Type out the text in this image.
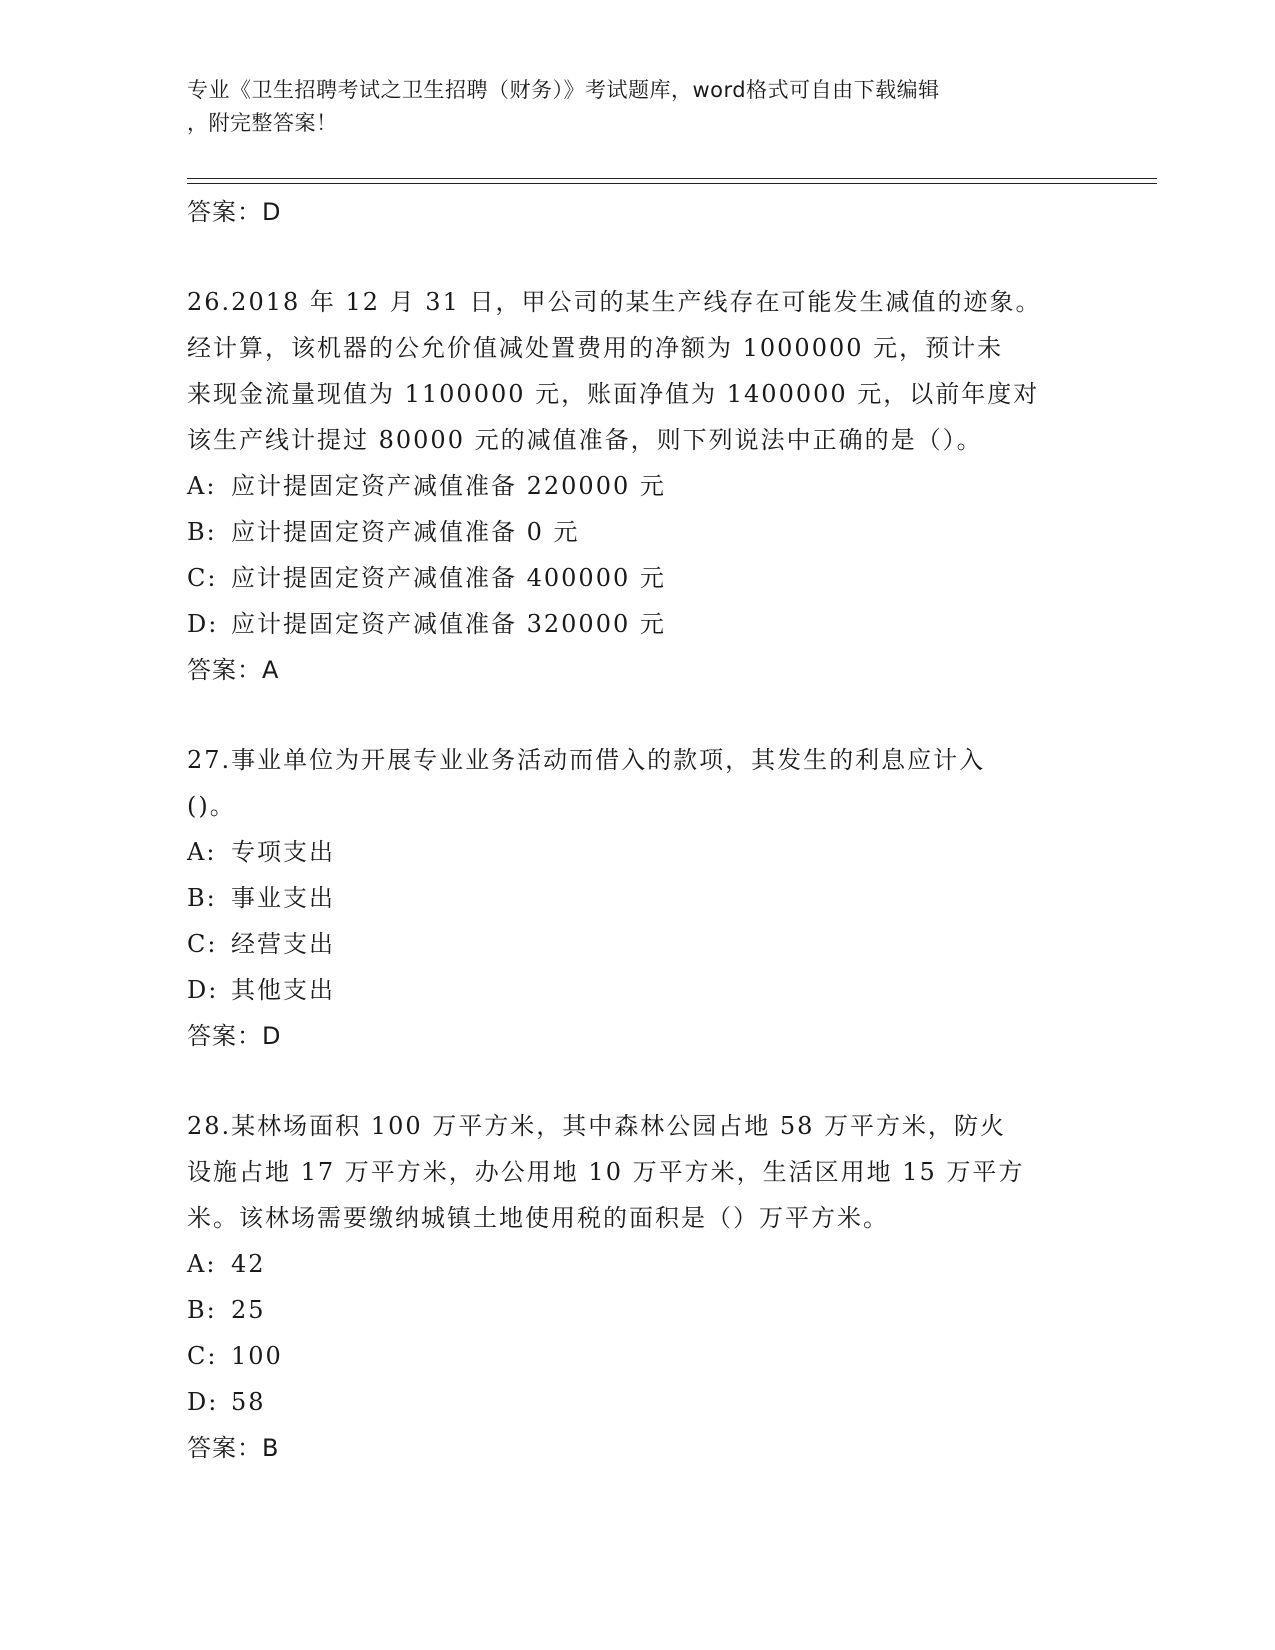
专业《卫生招聘考试之卫生招聘（财务）》考试题库，word格式可自由下载编辑
，附完整答案！
答案：D
26.2018 年 12 月 31 日，甲公司的某生产线存在可能发生减值的迹象。
经计算，该机器的公允价值减处置费用的净额为 1000000 元，预计未
来现金流量现值为 1100000 元，账面净值为 1400000 元，以前年度对
该生产线计提过 80000 元的减值准备，则下列说法中正确的是（）。
A: 应计提固定资产减值准备 220000 元
B: 应计提固定资产减值准备 0 元
C: 应计提固定资产减值准备 400000 元
D: 应计提固定资产减值准备 320000 元
答案：A
27.事业单位为开展专业业务活动而借入的款项，其发生的利息应计入
()。
A: 专项支出
B: 事业支出
C: 经营支出
D: 其他支出
答案：D
28.某林场面积 100 万平方米，其中森林公园占地 58 万平方米，防火
设施占地 17 万平方米，办公用地 10 万平方米，生活区用地 15 万平方
米。该林场需要缴纳城镇土地使用税的面积是（）万平方米。
A: 42
B: 25
C: 100
D: 58
答案：B
